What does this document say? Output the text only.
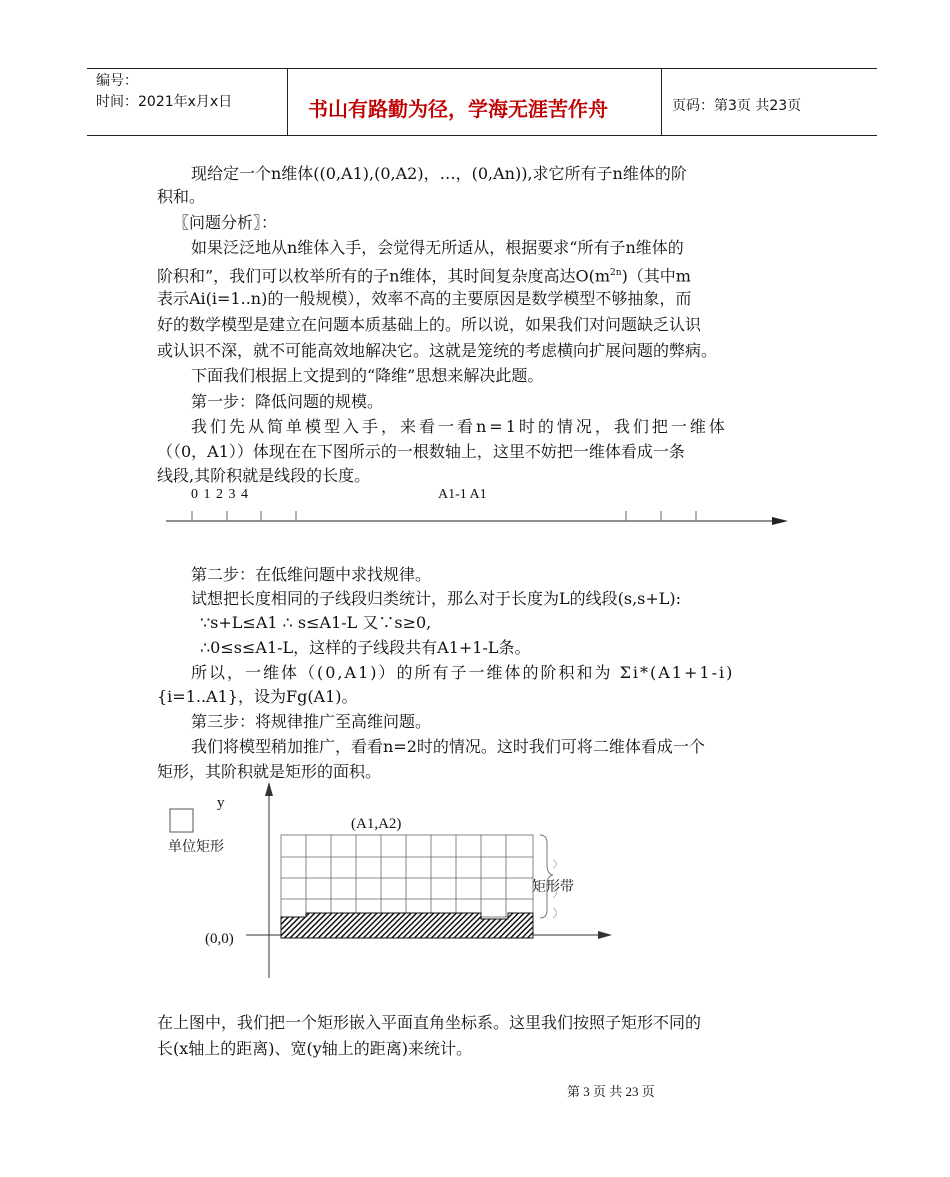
编号：
时间：2021年x月x日	书山有路勤为径，学海无涯苦作舟	页码：第3页 共23页
现给定一个n维体((0,A1),(0,A2)，…，(0,An)),求它所有子n维体的阶
积和。
〖问题分析〗：
如果泛泛地从n维体入手，会觉得无所适从，根据要求“所有子n维体的
阶积和”，我们可以枚举所有的子n维体，其时间复杂度高达$O(m^{2n})$（其中m
表示Ai(i=1..n)的一般规模），效率不高的主要原因是数学模型不够抽象，而
好的数学模型是建立在问题本质基础上的。所以说，如果我们对问题缺乏认识
或认识不深，就不可能高效地解决它。这就是笼统的考虑横向扩展问题的弊病。
下面我们根据上文提到的“降维”思想来解决此题。
第一步：降低问题的规模。
我们先从简单模型入手，来看一看n=1时的情况，我们把一维体
（（0，A1））体现在在下图所示的一根数轴上，这里不妨把一维体看成一条
线段,其阶积就是线段的长度。
0 1 2 3 4	A1-1 A1
第二步：在低维问题中求找规律。
试想把长度相同的子线段归类统计，那么对于长度为L的线段(s,s+L):
∵s+L≤A1 ∴ s≤A1-L 又∵s≥0,
∴0≤s≤A1-L，这样的子线段共有A1+1-L条。
所以，一维体（(0,A1)）的所有子一维体的阶积和为 Σi*(A1+1-i)
{i=1..A1}，设为Fg(A1)。
第三步：将规律推广至高维问题。
我们将模型稍加推广，看看n=2时的情况。这时我们可将二维体看成一个
矩形，其阶积就是矩形的面积。
y
单位矩形
(A1,A2)
矩形带
(0,0)
在上图中，我们把一个矩形嵌入平面直角坐标系。这里我们按照子矩形不同的
长(x轴上的距离)、宽(y轴上的距离)来统计。
第 3 页 共 23 页
